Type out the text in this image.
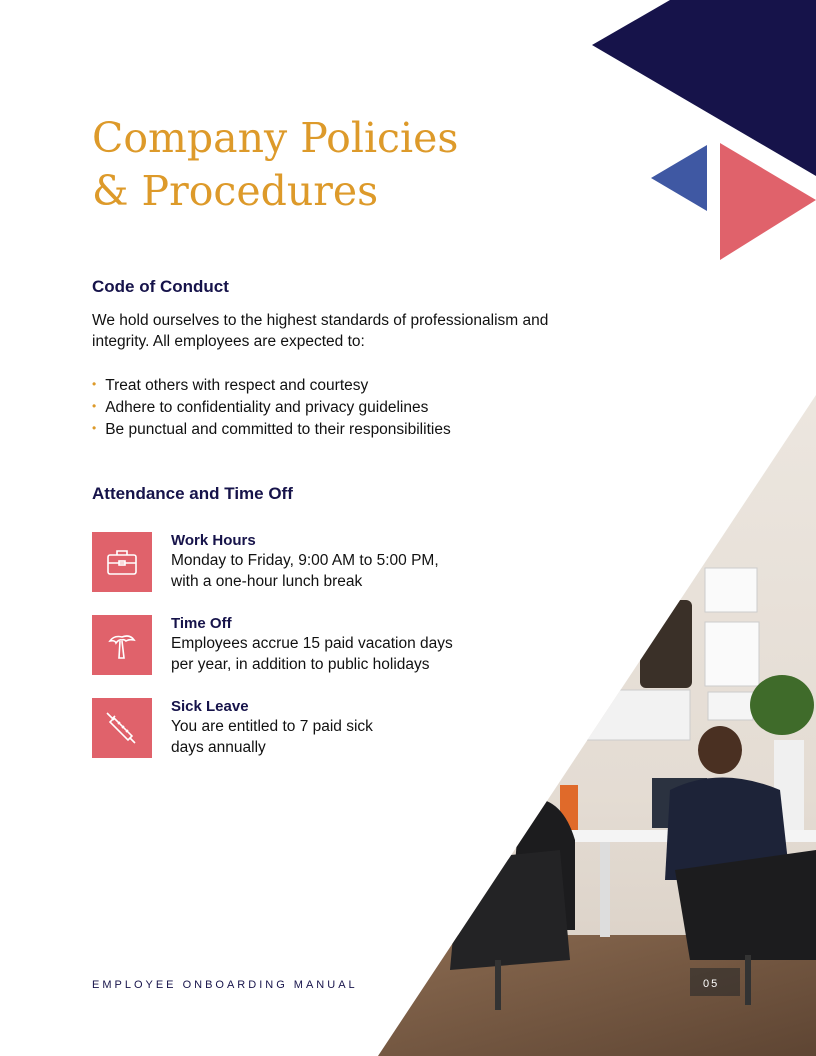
Company Policies
& Procedures
Code of Conduct
We hold ourselves to the highest standards of professionalism and integrity. All employees are expected to:
• Treat others with respect and courtesy
• Adhere to confidentiality and privacy guidelines
• Be punctual and committed to their responsibilities
Attendance and Time Off
Work Hours
Monday to Friday, 9:00 AM to 5:00 PM,
with a one-hour lunch break
Time Off
Employees accrue 15 paid vacation days
per year, in addition to public holidays
Sick Leave
You are entitled to 7 paid sick
days annually
EMPLOYEE ONBOARDING MANUAL	05
